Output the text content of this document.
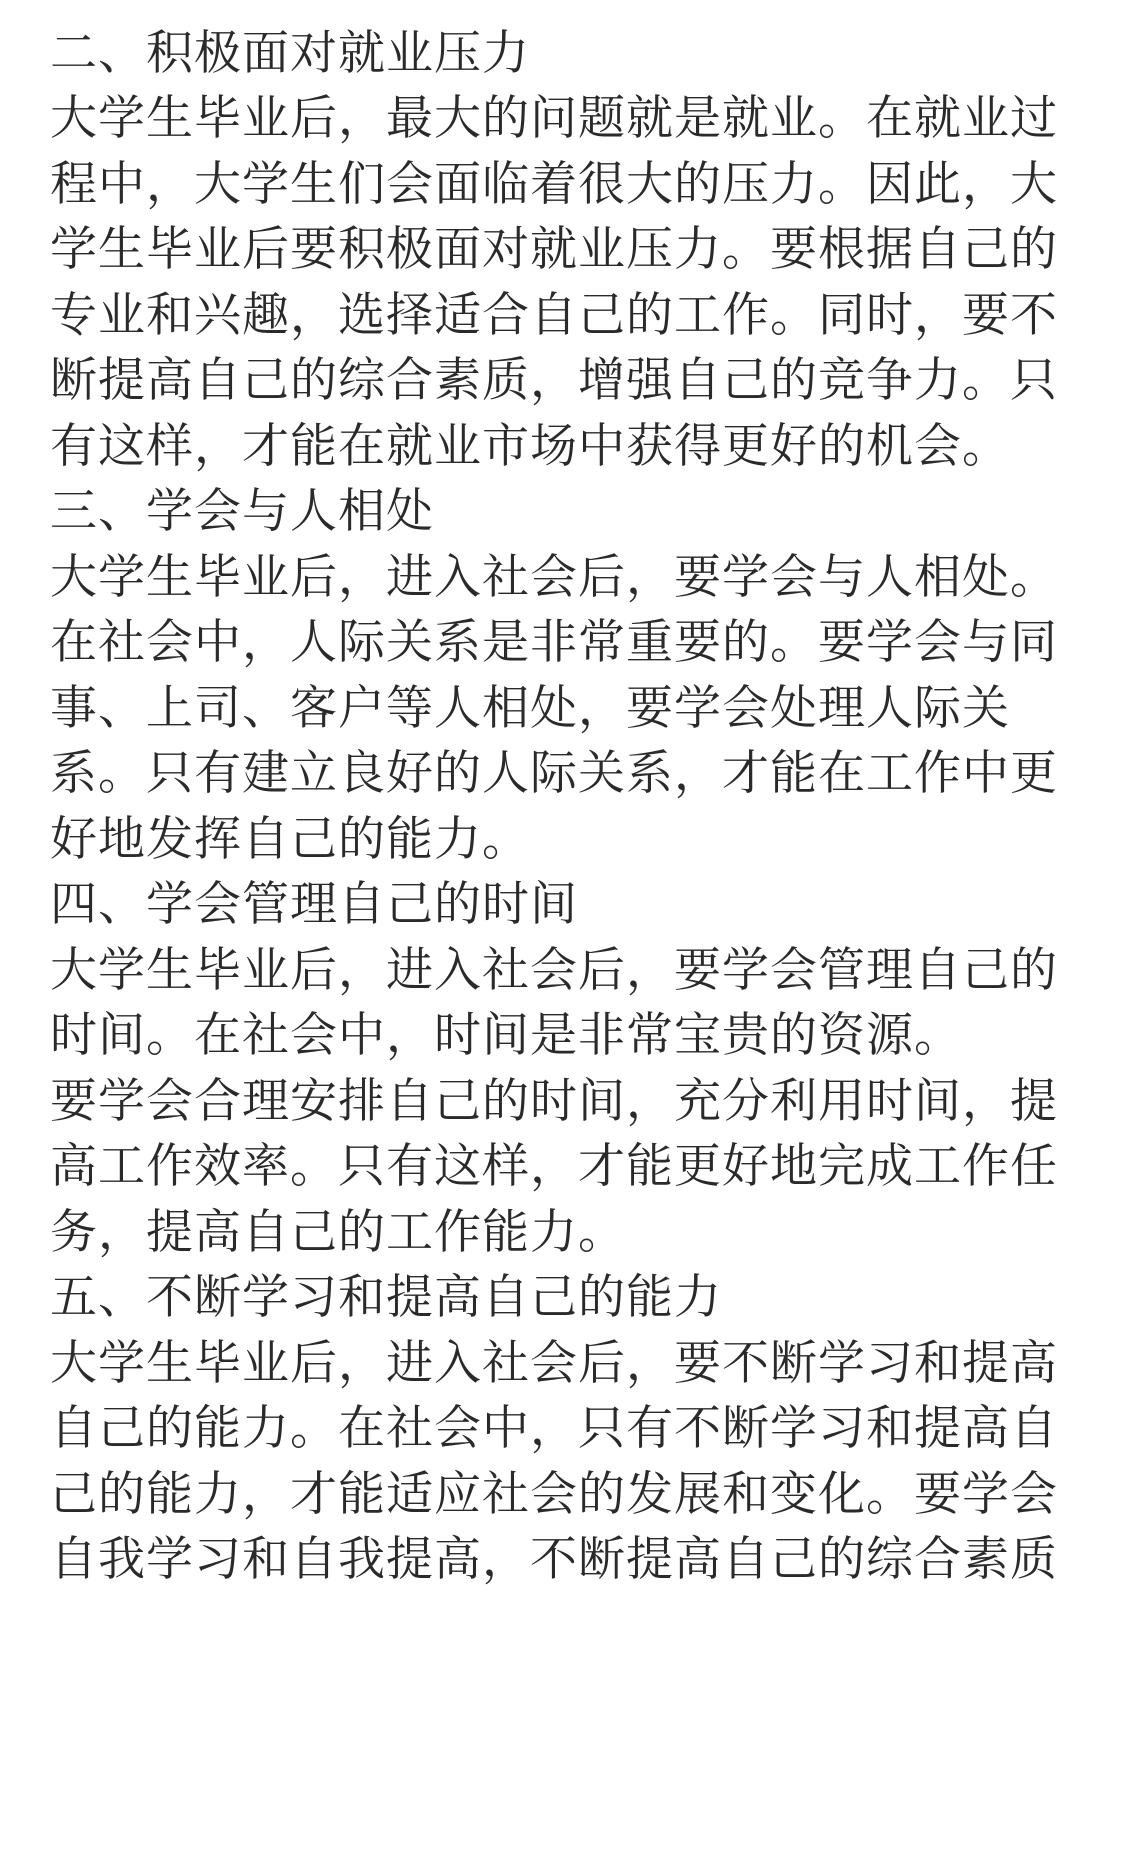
二、积极面对就业压力
大学生毕业后，最大的问题就是就业。在就业过
程中，大学生们会面临着很大的压力。因此，大
学生毕业后要积极面对就业压力。要根据自己的
专业和兴趣，选择适合自己的工作。同时，要不
断提高自己的综合素质，增强自己的竞争力。只
有这样，才能在就业市场中获得更好的机会。
三、学会与人相处
大学生毕业后，进入社会后，要学会与人相处。
在社会中，人际关系是非常重要的。要学会与同
事、上司、客户等人相处，要学会处理人际关
系。只有建立良好的人际关系，才能在工作中更
好地发挥自己的能力。
四、学会管理自己的时间
大学生毕业后，进入社会后，要学会管理自己的
时间。在社会中，时间是非常宝贵的资源。
要学会合理安排自己的时间，充分利用时间，提
高工作效率。只有这样，才能更好地完成工作任
务，提高自己的工作能力。
五、不断学习和提高自己的能力
大学生毕业后，进入社会后，要不断学习和提高
自己的能力。在社会中，只有不断学习和提高自
己的能力，才能适应社会的发展和变化。要学会
自我学习和自我提高，不断提高自己的综合素质
